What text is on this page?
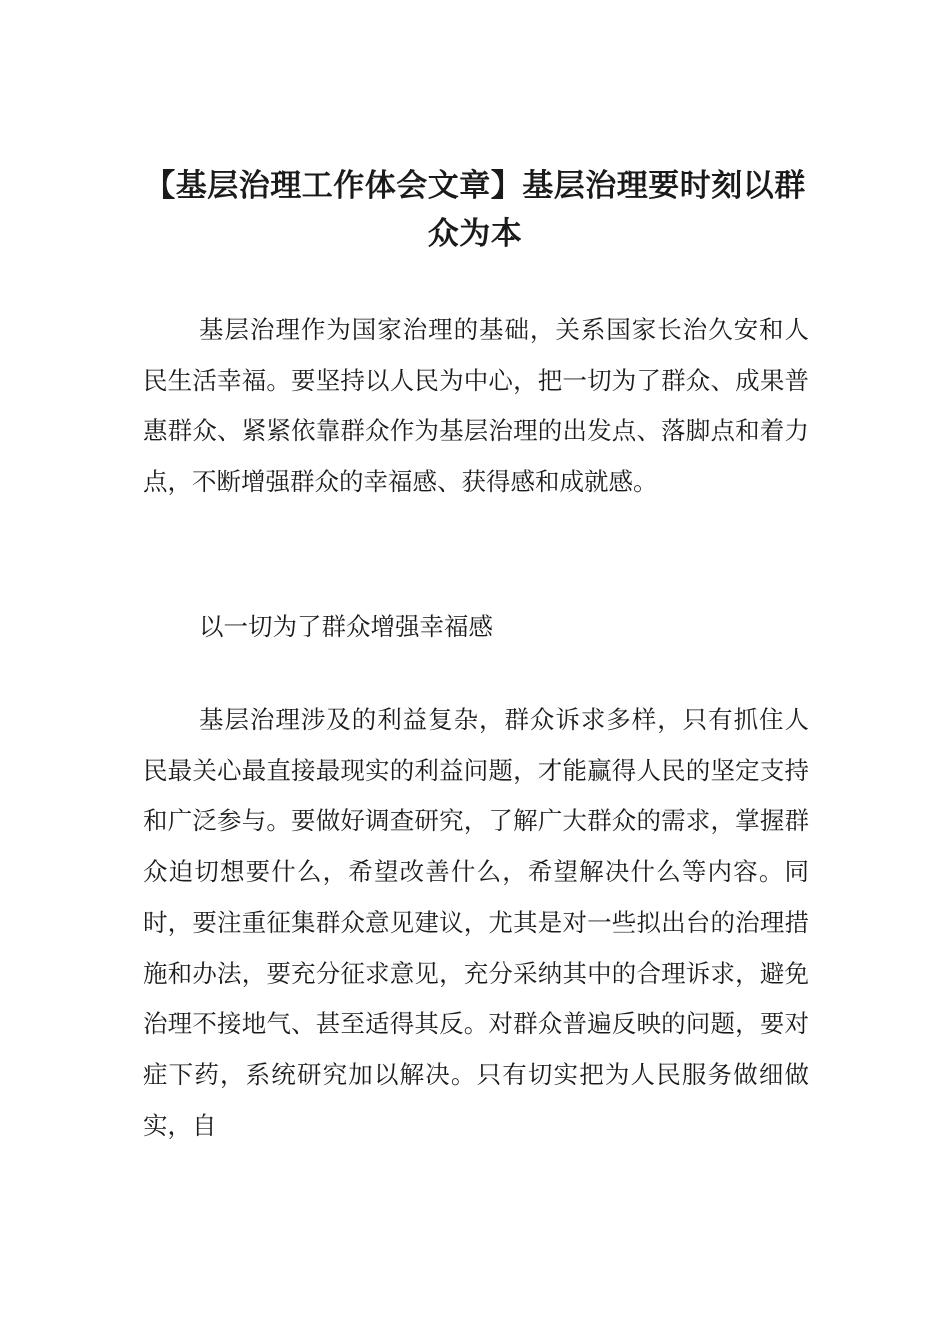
【基层治理工作体会文章】基层治理要时刻以群众为本

基层治理作为国家治理的基础，关系国家长治久安和人民生活幸福。要坚持以人民为中心，把一切为了群众、成果普惠群众、紧紧依靠群众作为基层治理的出发点、落脚点和着力点，不断增强群众的幸福感、获得感和成就感。

以一切为了群众增强幸福感

基层治理涉及的利益复杂，群众诉求多样，只有抓住人民最关心最直接最现实的利益问题，才能赢得人民的坚定支持和广泛参与。要做好调查研究，了解广大群众的需求，掌握群众迫切想要什么，希望改善什么，希望解决什么等内容。同时，要注重征集群众意见建议，尤其是对一些拟出台的治理措施和办法，要充分征求意见，充分采纳其中的合理诉求，避免治理不接地气、甚至适得其反。对群众普遍反映的问题，要对症下药，系统研究加以解决。只有切实把为人民服务做细做实，自
